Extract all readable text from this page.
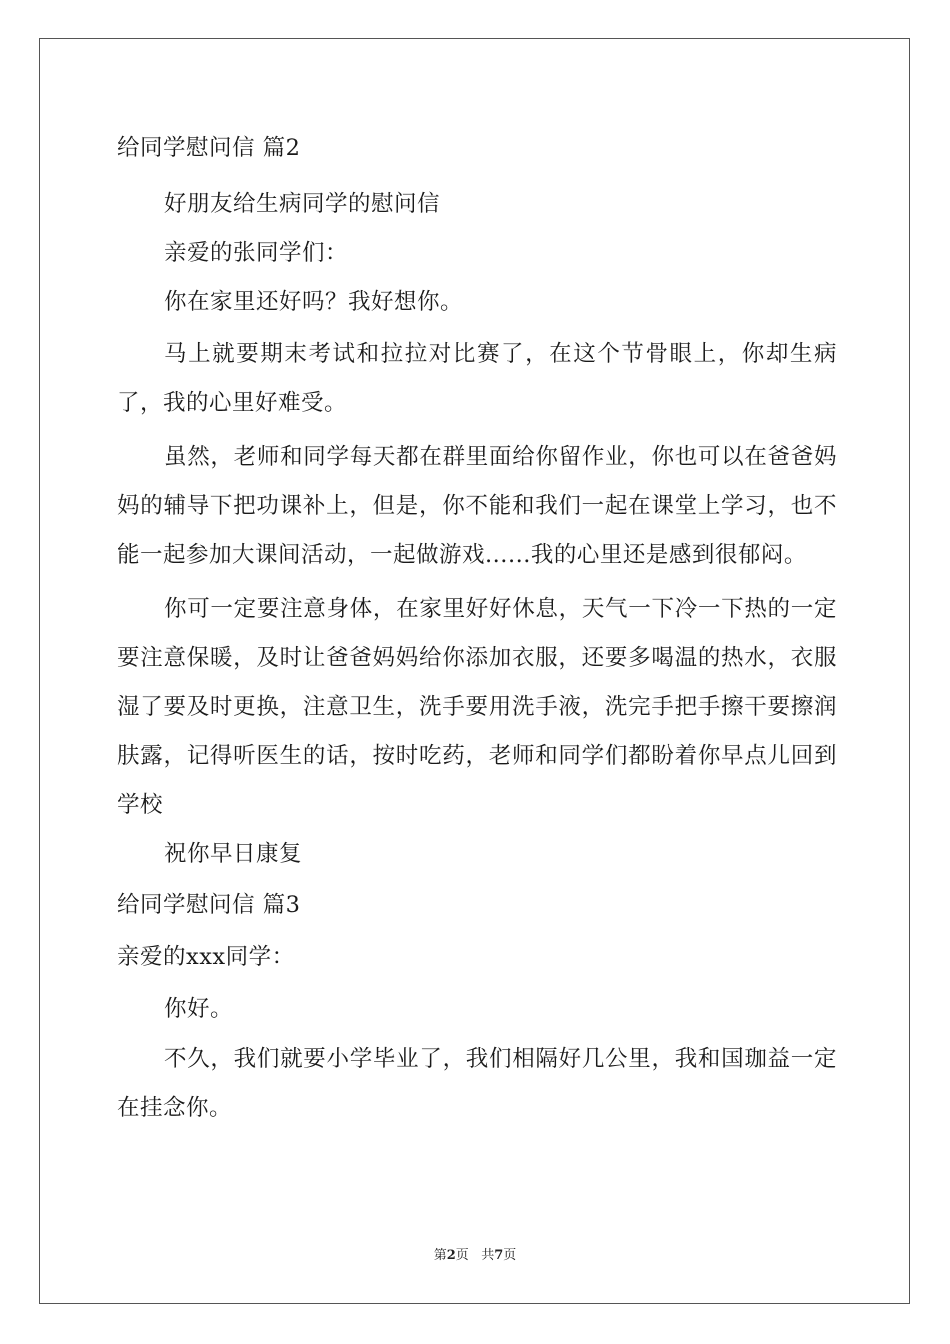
给同学慰问信 篇2

好朋友给生病同学的慰问信

亲爱的张同学们：

你在家里还好吗？我好想你。

马上就要期末考试和拉拉对比赛了，在这个节骨眼上，你却生病了，我的心里好难受。

虽然，老师和同学每天都在群里面给你留作业，你也可以在爸爸妈妈的辅导下把功课补上，但是，你不能和我们一起在课堂上学习，也不能一起参加大课间活动，一起做游戏......我的心里还是感到很郁闷。

你可一定要注意身体，在家里好好休息，天气一下冷一下热的一定要注意保暖，及时让爸爸妈妈给你添加衣服，还要多喝温的热水，衣服湿了要及时更换，注意卫生，洗手要用洗手液，洗完手把手擦干要擦润肤露，记得听医生的话，按时吃药，老师和同学们都盼着你早点儿回到学校

祝你早日康复

给同学慰问信 篇3

亲爱的xxx同学：

你好。

不久，我们就要小学毕业了，我们相隔好几公里，我和国珈益一定在挂念你。

第2页 共7页
